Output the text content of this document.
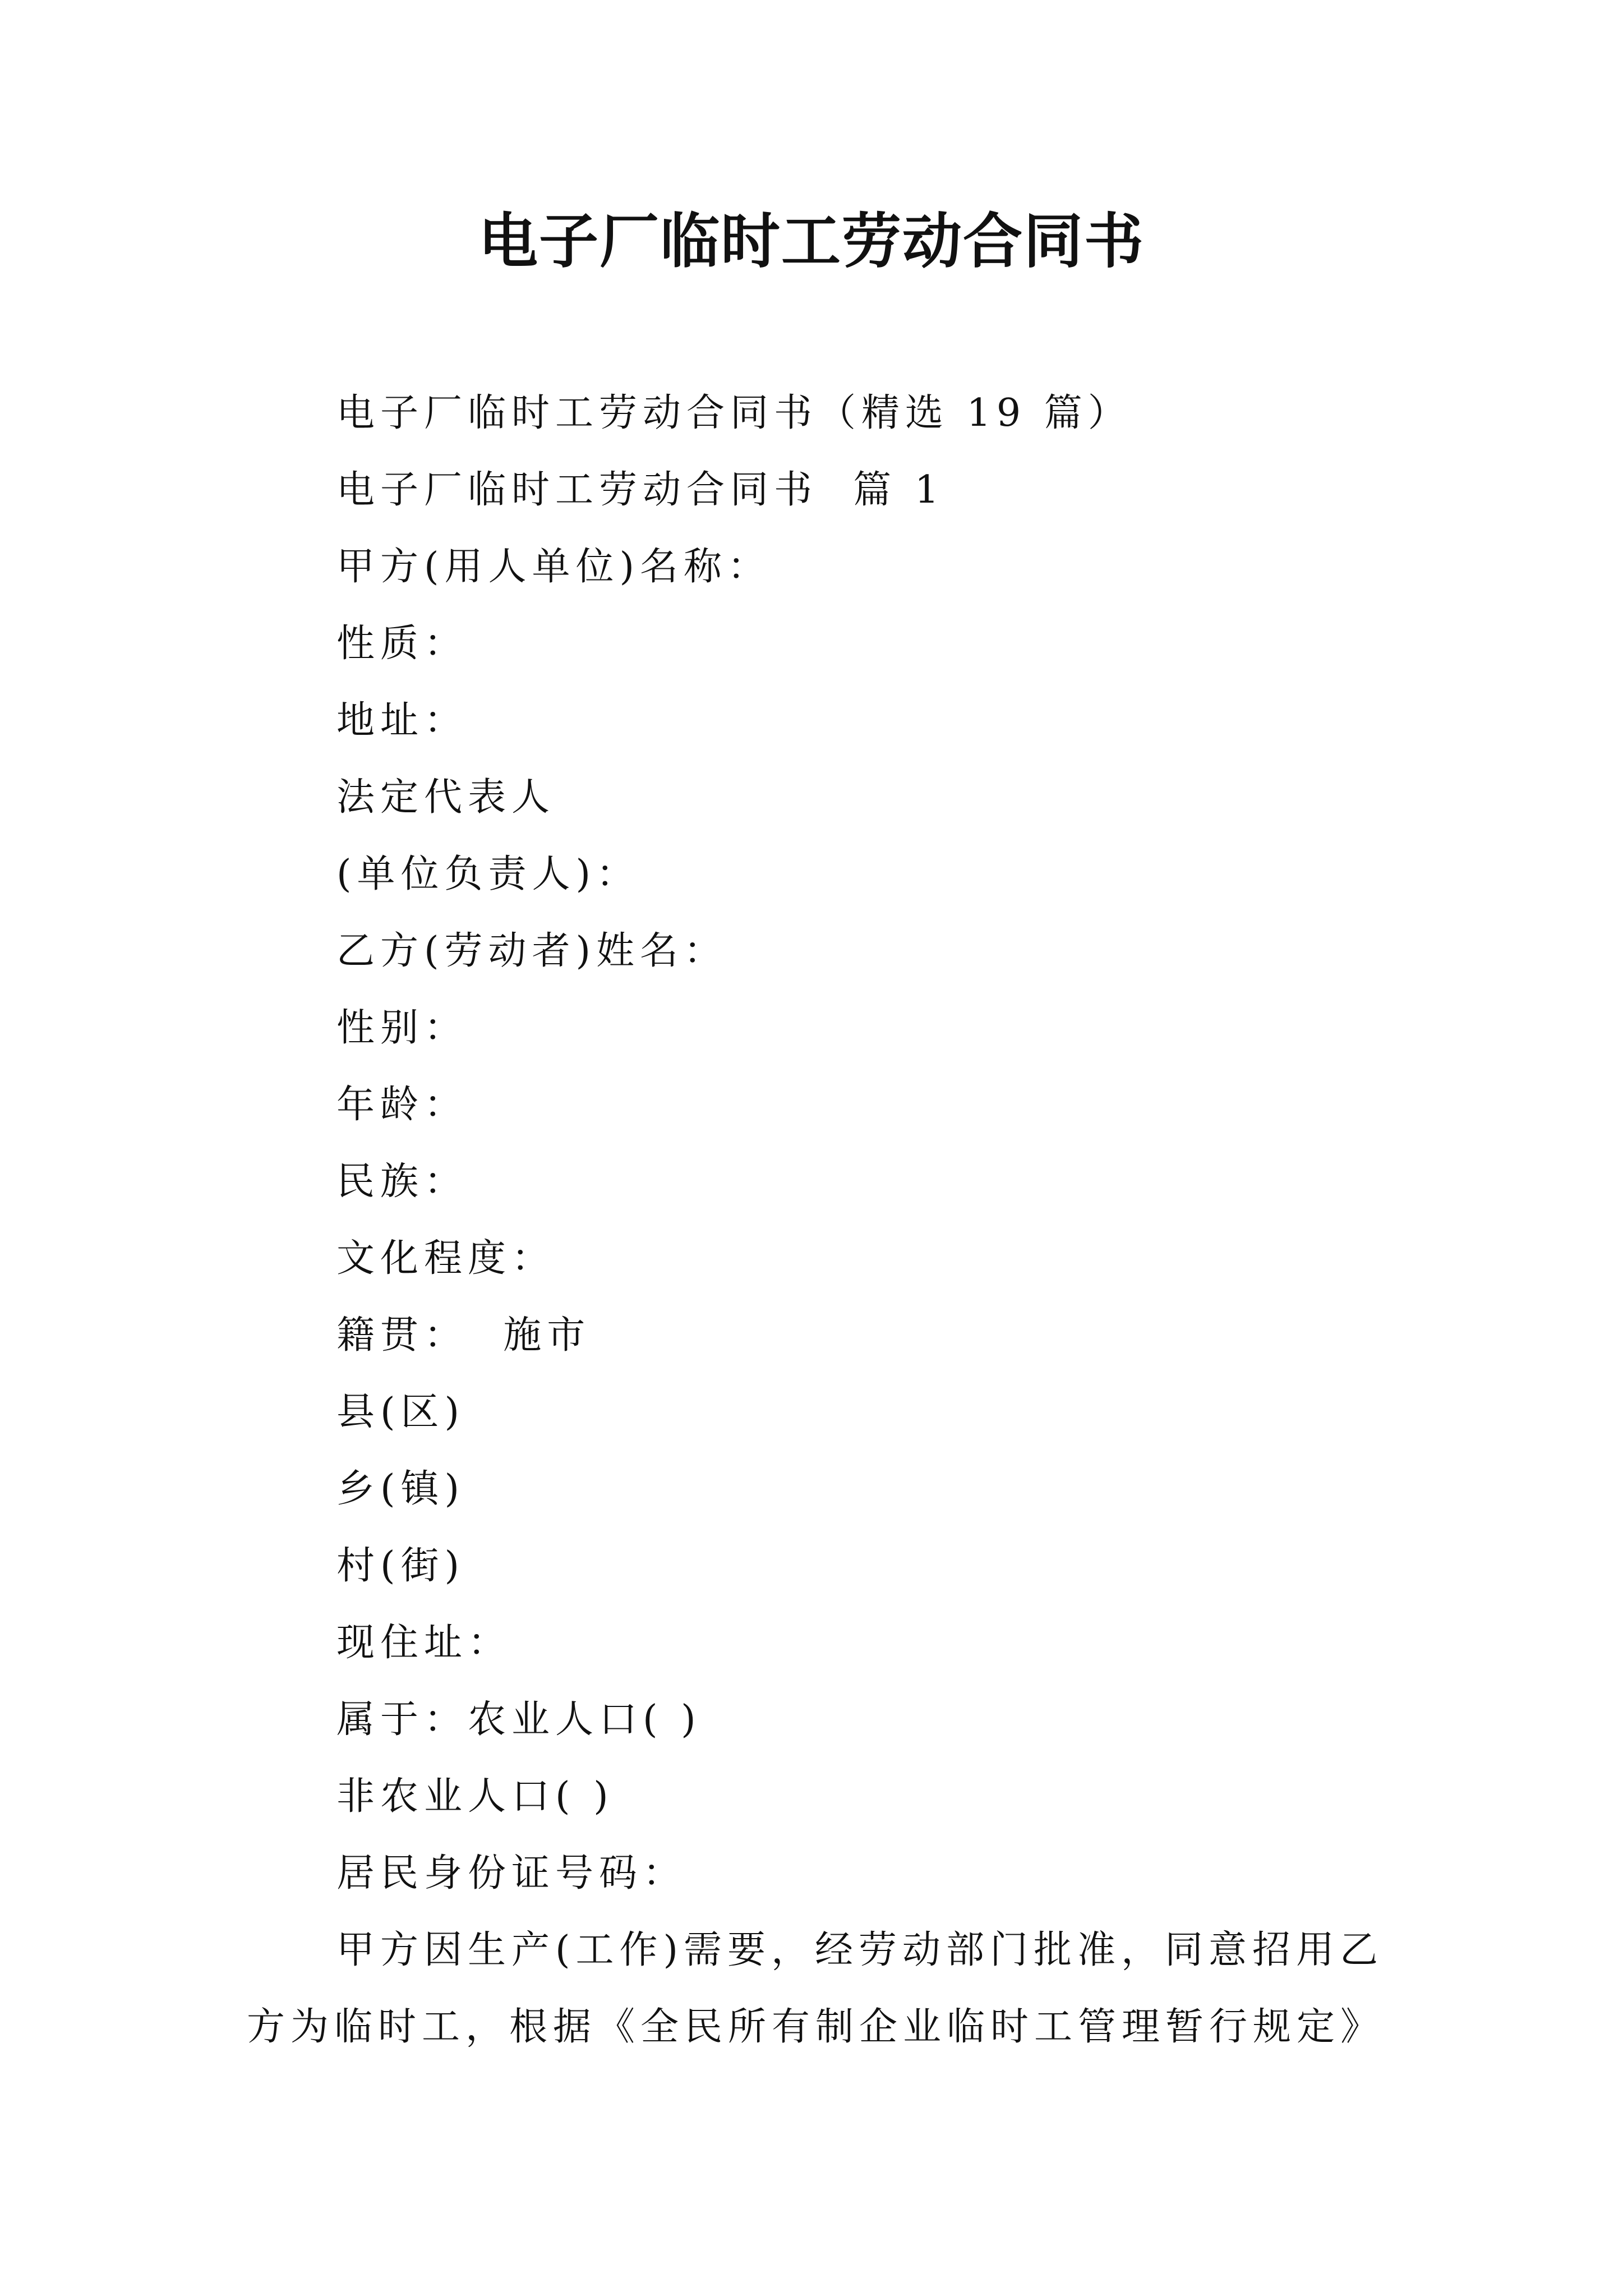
电子厂临时工劳动合同书
电子厂临时工劳动合同书（精选 19 篇）
电子厂临时工劳动合同书  篇 1
甲方(用人单位)名称：
性质：
地址：
法定代表人
(单位负责人)：
乙方(劳动者)姓名：
性别：
年龄：
民族：
文化程度：
籍贯：  施市
县(区)
乡(镇)
村(街)
现住址：
属于：农业人口( )
非农业人口( )
居民身份证号码：
甲方因生产(工作)需要，经劳动部门批准，同意招用乙
方为临时工，根据《全民所有制企业临时工管理暂行规定》
